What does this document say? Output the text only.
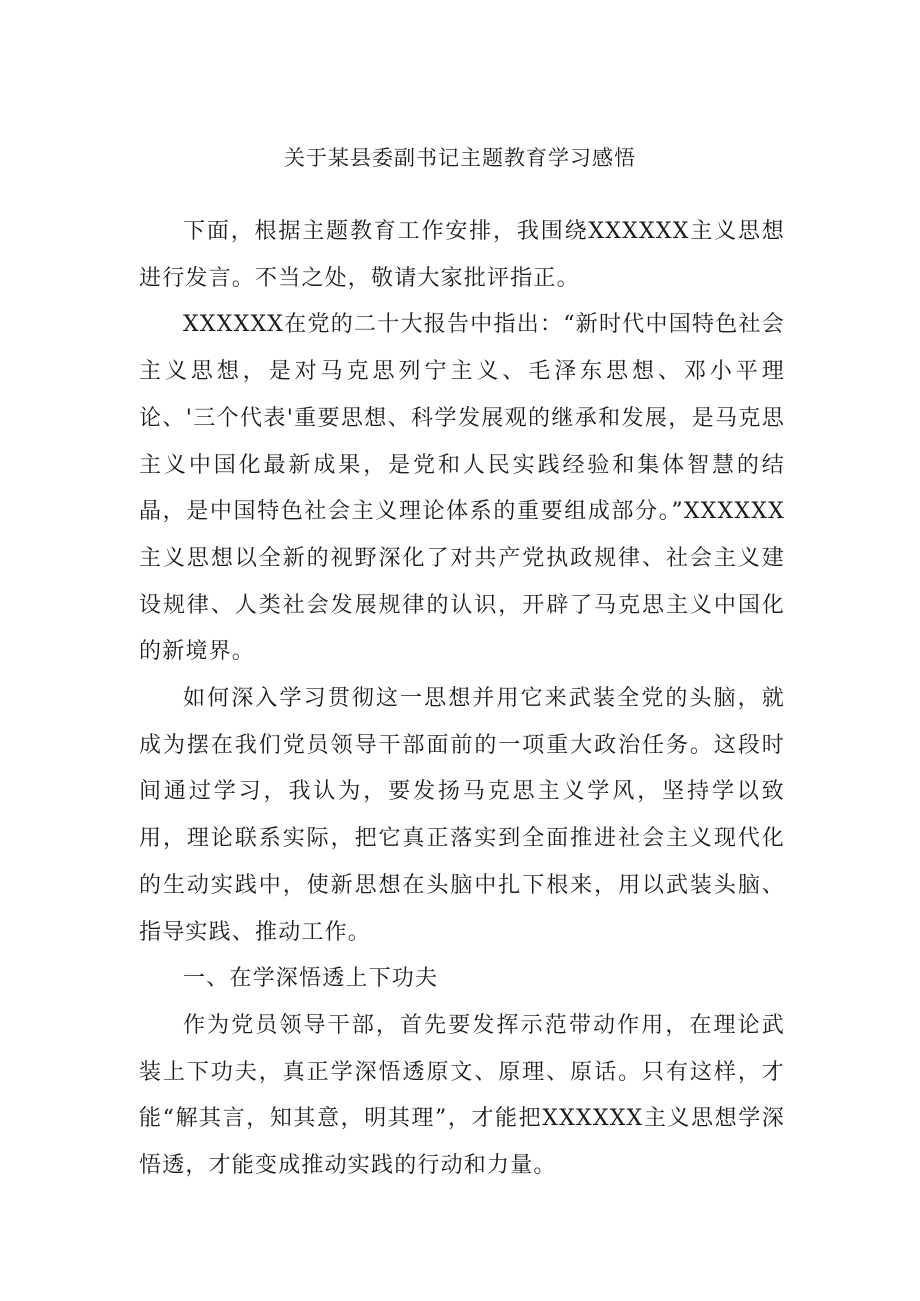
关于某县委副书记主题教育学习感悟

下面，根据主题教育工作安排，我围绕XXXXXX主义思想进行发言。不当之处，敬请大家批评指正。

XXXXXX在党的二十大报告中指出：“新时代中国特色社会主义思想，是对马克思列宁主义、毛泽东思想、邓小平理论、'三个代表'重要思想、科学发展观的继承和发展，是马克思主义中国化最新成果，是党和人民实践经验和集体智慧的结晶，是中国特色社会主义理论体系的重要组成部分。”XXXXXX主义思想以全新的视野深化了对共产党执政规律、社会主义建设规律、人类社会发展规律的认识，开辟了马克思主义中国化的新境界。

如何深入学习贯彻这一思想并用它来武装全党的头脑，就成为摆在我们党员领导干部面前的一项重大政治任务。这段时间通过学习，我认为，要发扬马克思主义学风，坚持学以致用，理论联系实际，把它真正落实到全面推进社会主义现代化的生动实践中，使新思想在头脑中扎下根来，用以武装头脑、指导实践、推动工作。

一、在学深悟透上下功夫

作为党员领导干部，首先要发挥示范带动作用，在理论武装上下功夫，真正学深悟透原文、原理、原话。只有这样，才能“解其言，知其意，明其理”，才能把XXXXXX主义思想学深悟透，才能变成推动实践的行动和力量。
